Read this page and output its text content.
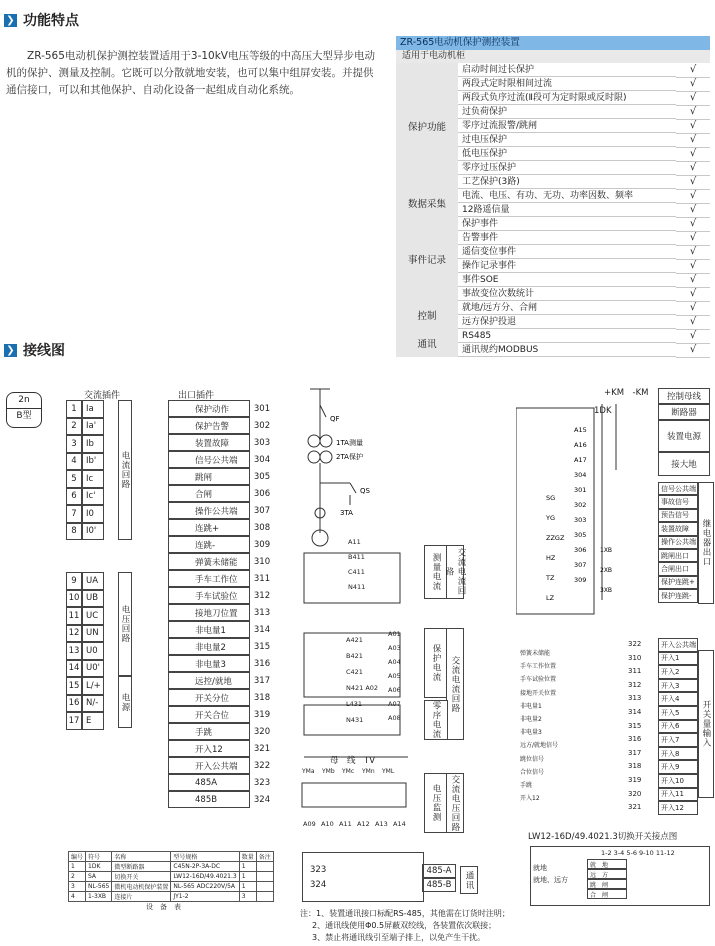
❯ 功能特点
ZR-565电动机保护测控装置适用于3-10kV电压等级的中高压大型异步电动机的保护、测量及控制。它既可以分散就地安装，也可以集中组屏安装。并提供通信接口，可以和其他保护、自动化设备一起组成自动化系统。
ZR-565电动机保护测控装置
适用于电动机柜
保护功能
启动时间过长保护	√
两段式定时限相间过流	√
两段式负序过流(Ⅱ段可为定时限或反时限)	√
过负荷保护	√
零序过流报警/跳闸	√
过电压保护	√
低电压保护	√
零序过压保护	√
工艺保护(3路)	√
数据采集
电流、电压、有功、无功、功率因数、频率	√
12路遥信量	√
事件记录
保护事件	√
告警事件	√
遥信变位事件	√
操作记录事件	√
事件SOE	√
事故变位次数统计	√
控制
就地/远方分、合闸	√
远方保护投退	√
通讯
RS485	√
通讯规约MODBUS	√
❯ 接线图
2n
B型
交流插件
1	Ia
2	Ia'
3	Ib
4	Ib'
5	Ic
6	Ic'
7	I0
8	I0'
电流回路
9	UA
10 UB
11 UC
12 UN
13 U0
14 U0'
15 L/+
16 N/-
17 E
电压回路
电源
出口插件
保护动作	301
保护告警	302
装置故障	303
信号公共端	304
跳闸	305
合闸	306
操作公共端	307
连跳+	308
连跳-	309
弹簧未储能	310
手车工作位	311
手车试验位	312
接地刀位置	313
非电量1	314
非电量2	315
非电量3	316
远控/就地	317
开关分位	318
开关合位	319
手跳	320
开入12	321
开入公共端	322
485A	323
485B	324
QF
1TA测量
2TA保护
QS
3TA
测量电流	交流电流回路
保护电流 交流电流回路
零序电流
电压监测 交流电压回路
母　线　TV
A11
B411
C411
N411
A421
B421
C421
N421 A02
L431
N431
A01
A03
A04
A05
A06
A07
A08
YMa YMb YMc YMn YML
A09 A10 A11 A12 A13 A14
323	485-A
324	485-B	通讯
+KM　-KM
1DK
控制母线
断路器
装置电源
接大地
信号公共端
事故信号
预告信号
装置故障
操作公共端
跳闸出口
合闸出口
保护连跳+
保护连跳-
继电器出口
A15
A16
A17
304
301
302
303
305
306
307
309
SG
YG
ZZGZ
HZ
TZ
LZ
1XB
2XB
3XB
开入公共端
开入1
开入2
开入3
开入4
开入5
开入6
开入7
开入8
开入9
开入10
开入11
开入12
322
310
311
312
313
314
315
316
317
318
319
320
321
开关量输入
弹簧未储能
手车工作位置
手车试验位置
接地开关位置
非电量1
非电量2
非电量3
远方/就地信号
跳位信号
合位信号
手跳
开入12
LW12-16D/49.4021.3切换开关接点图
就地
就地、远方
1-2 3-4 5-6 9-10 11-12
就　地
远　方
跳　闸
合　闸
编号	符号	名称	型号规格	数量	备注
1	1DK	微型断路器	C45N-2P-3A-DC	1	
2	SA	切换开关	LW12-16D/49.4021.3	1	
3	NL-565	微机电动机保护装置	NL-565 ADC220V/5A	1	
4	1-3XB	连接片	JY1-2	3	
设　备　表
注：1、装置通讯接口标配RS-485，其他需在订货时注明；
2、通讯线使用Φ0.5屏蔽双绞线，各装置依次联接；
3、禁止将通讯线引至端子排上，以免产生干扰。
